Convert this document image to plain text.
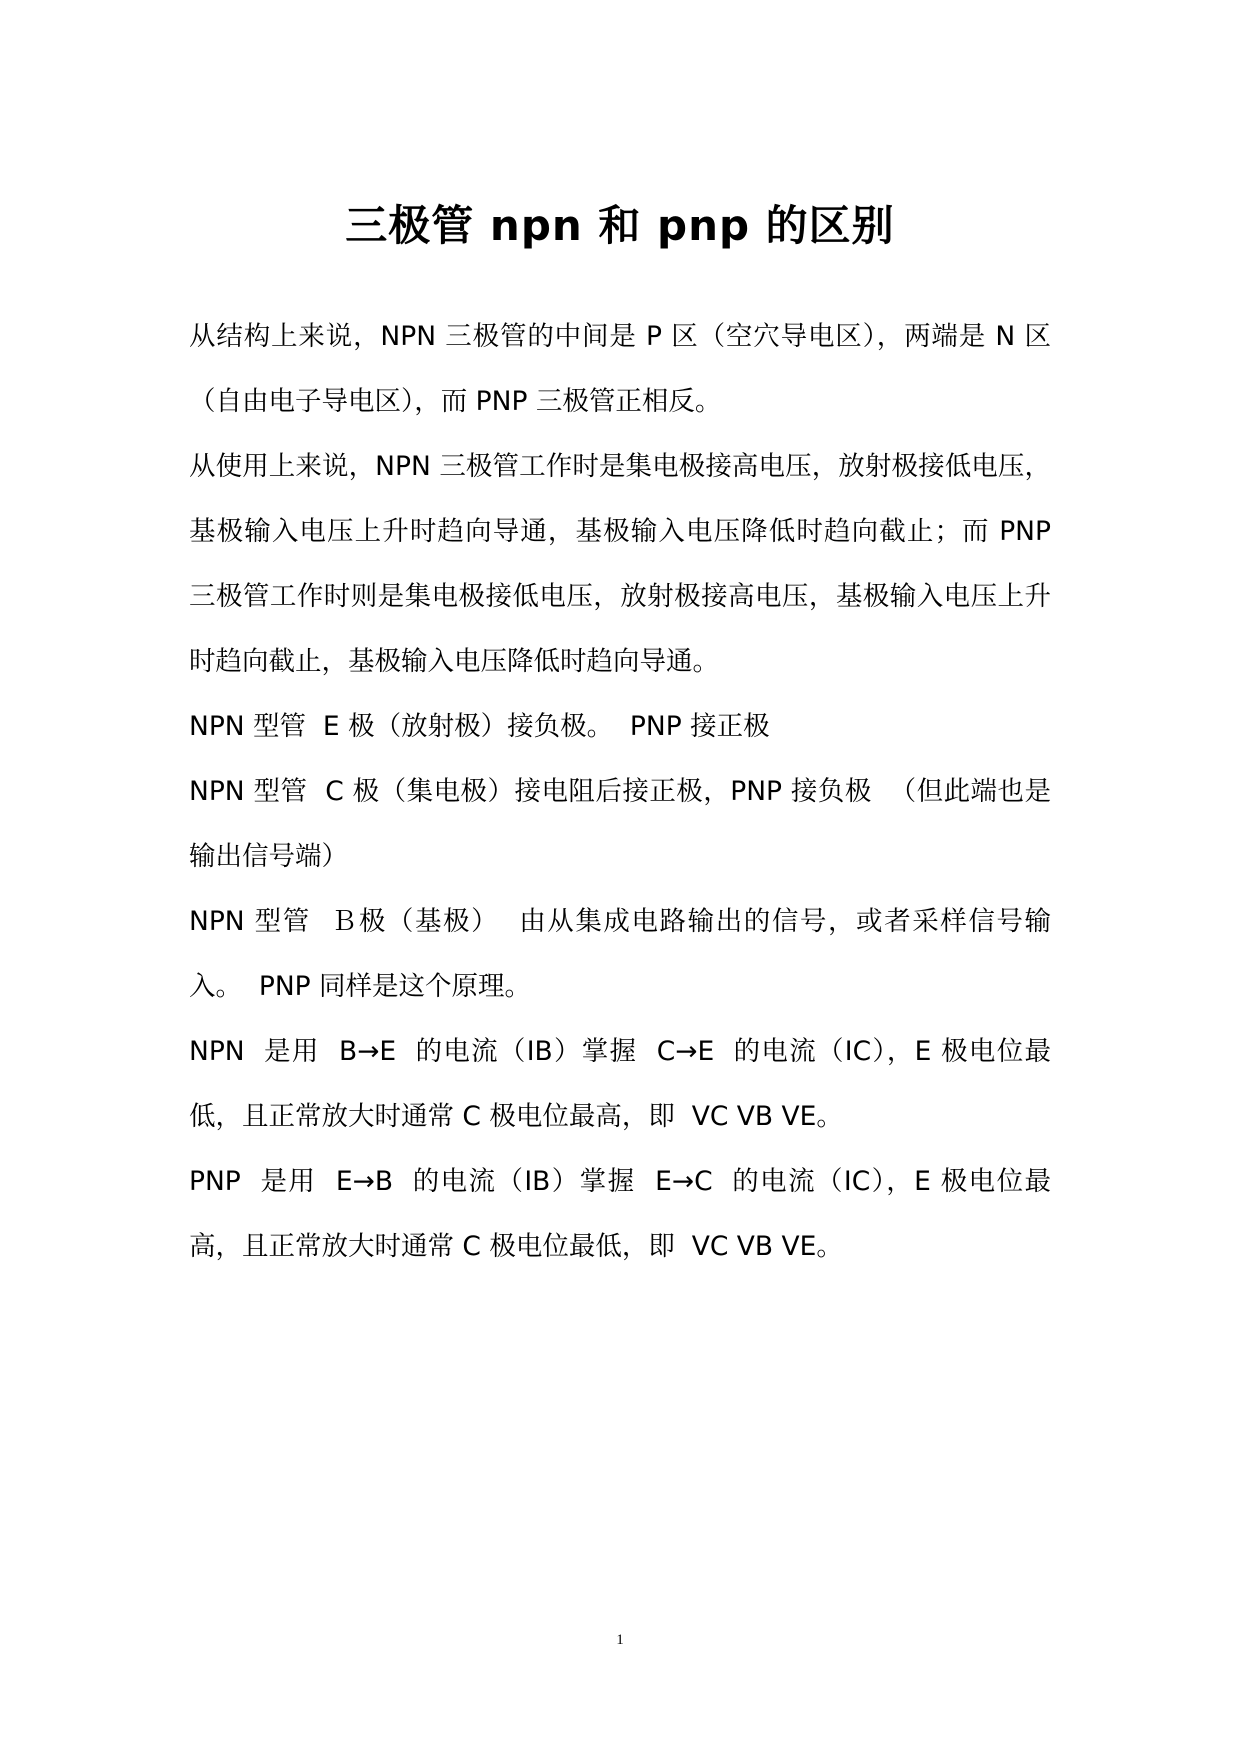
三极管 npn 和 pnp 的区别

从结构上来说，NPN 三极管的中间是 P 区（空穴导电区），两端是 N 区（自由电子导电区），而 PNP 三极管正相反。

从使用上来说，NPN 三极管工作时是集电极接高电压，放射极接低电压，基极输入电压上升时趋向导通，基极输入电压降低时趋向截止；而 PNP 三极管工作时则是集电极接低电压，放射极接高电压，基极输入电压上升时趋向截止，基极输入电压降低时趋向导通。

NPN 型管  E 极（放射极）接负极。  PNP 接正极

NPN 型管  C 极（集电极）接电阻后接正极，PNP 接负极  （但此端也是输出信号端）

NPN 型管  Ｂ极（基极）  由从集成电路输出的信号，或者采样信号输入。  PNP 同样是这个原理。

NPN  是用  B→E  的电流（IB）掌握  C→E  的电流（IC），E 极电位最低，且正常放大时通常 C 极电位最高，即  VC VB VE。

PNP  是用  E→B  的电流（IB）掌握  E→C  的电流（IC），E 极电位最高，且正常放大时通常 C 极电位最低，即  VC VB VE。

1
